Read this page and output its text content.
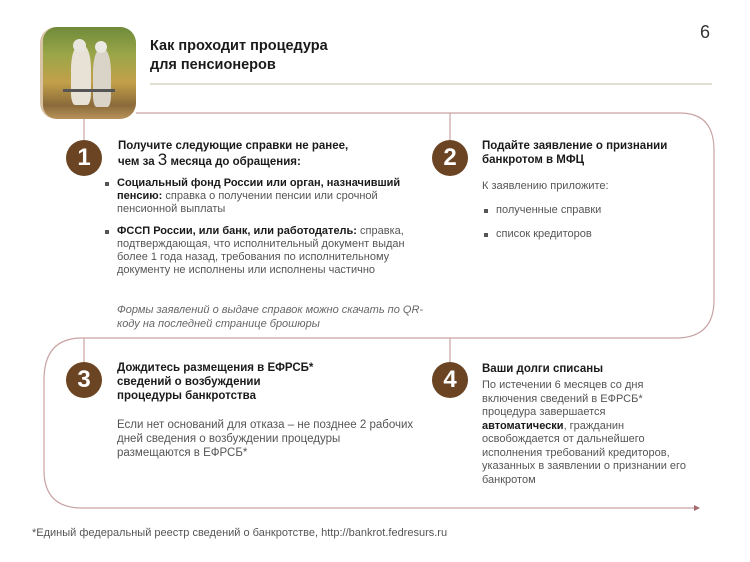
Как проходит процедура
для пенсионеров
6
1	Получите следующие справки не ранее,
чем за 3 месяца до обращения:
Социальный фонд России или орган, назначивший пенсию: справка о получении пенсии или срочной пенсионной выплаты
ФССП России, или банк, или работодатель: справка, подтверждающая, что исполнительный документ выдан более 1 года назад, требования по исполнительному документу не исполнены или исполнены частично
Формы заявлений о выдаче справок можно скачать по QR-коду на последней странице брошюры
2	Подайте заявление о признании банкротом в МФЦ
К заявлению приложите:
полученные справки
список кредиторов
3	Дождитесь размещения в ЕФРСБ* сведений о возбуждении процедуры банкротства
Если нет оснований для отказа – не позднее 2 рабочих дней сведения о возбуждении процедуры размещаются в ЕФРСБ*
4	Ваши долги списаны
По истечении 6 месяцев со дня включения сведений в ЕФРСБ* процедура завершается автоматически, гражданин освобождается от дальнейшего исполнения требований кредиторов, указанных в заявлении о признании его банкротом
*Единый федеральный реестр сведений о банкротстве, http://bankrot.fedresurs.ru
